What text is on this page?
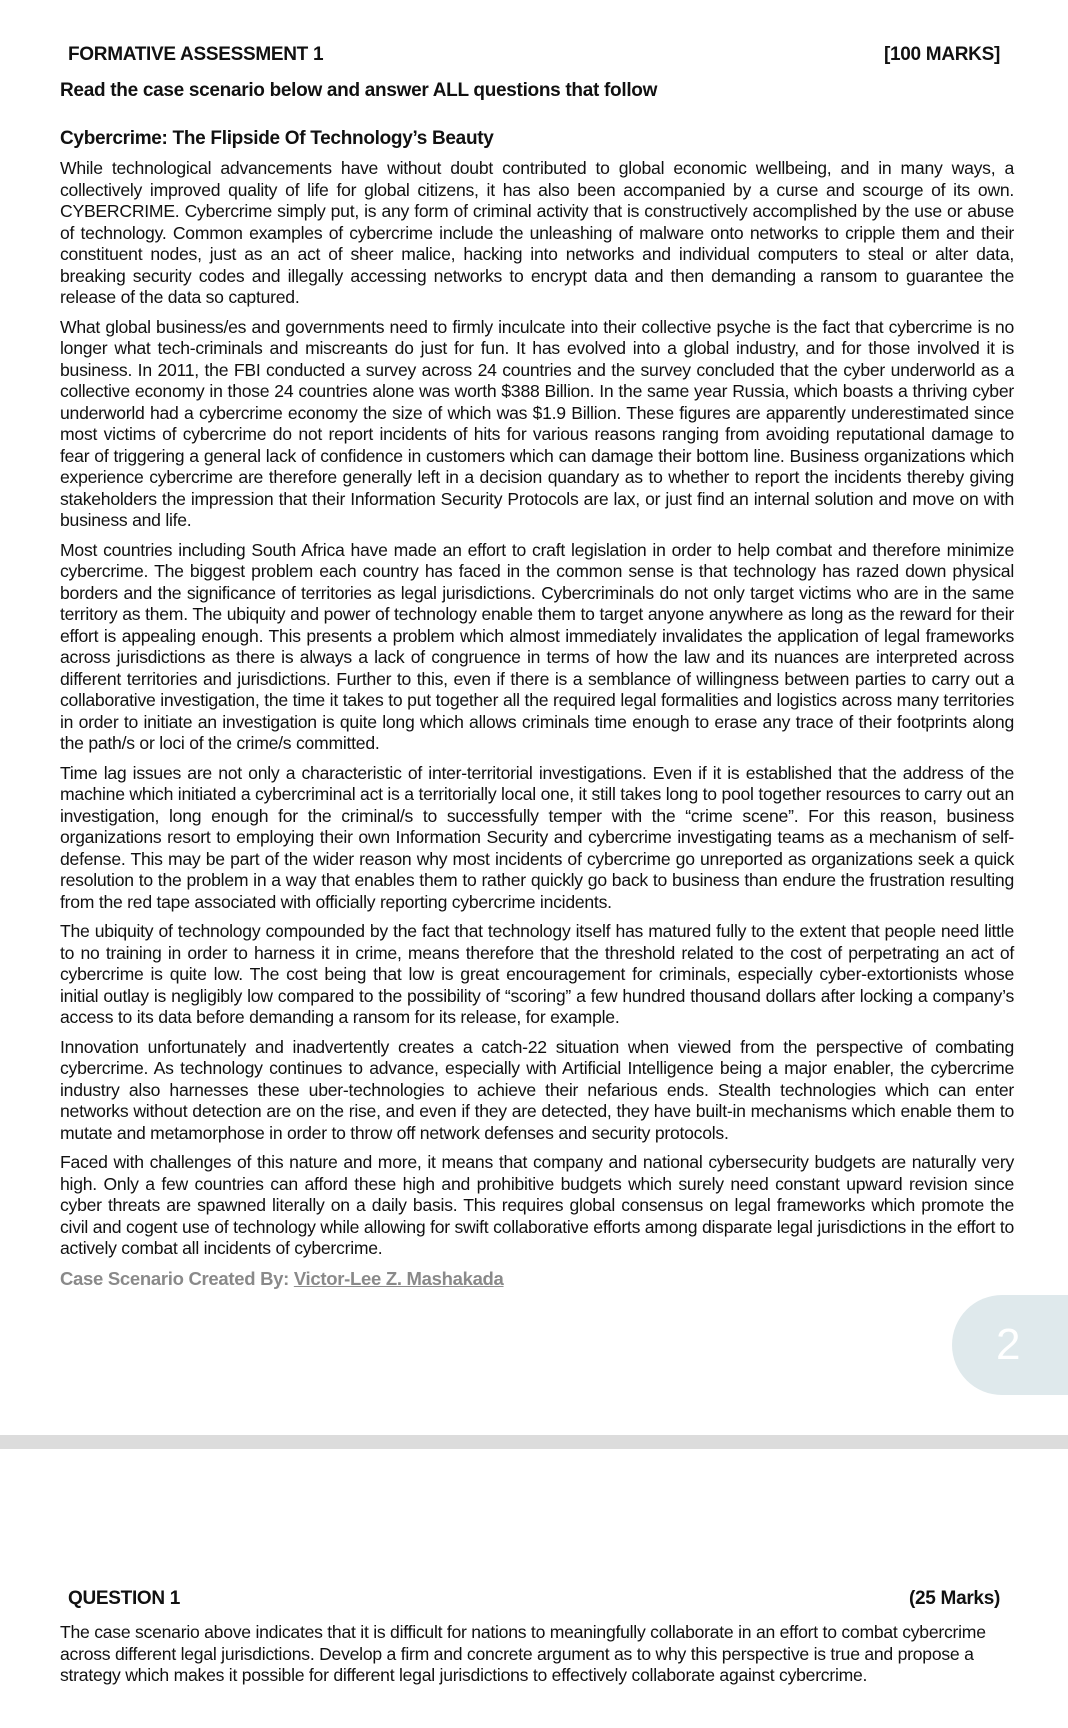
FORMATIVE ASSESSMENT 1	[100 MARKS]
Read the case scenario below and answer ALL questions that follow
Cybercrime: The Flipside Of Technology’s Beauty

While technological advancements have without doubt contributed to global economic wellbeing, and in many ways, a collectively improved quality of life for global citizens, it has also been accompanied by a curse and scourge of its own. CYBERCRIME. Cybercrime simply put, is any form of criminal activity that is constructively accomplished by the use or abuse of technology. Common examples of cybercrime include the unleashing of malware onto networks to cripple them and their constituent nodes, just as an act of sheer malice, hacking into networks and individual computers to steal or alter data, breaking security codes and illegally accessing networks to encrypt data and then demanding a ransom to guarantee the release of the data so captured.

What global business/es and governments need to firmly inculcate into their collective psyche is the fact that cybercrime is no longer what tech-criminals and miscreants do just for fun. It has evolved into a global industry, and for those involved it is business. In 2011, the FBI conducted a survey across 24 countries and the survey concluded that the cyber underworld as a collective economy in those 24 countries alone was worth $388 Billion. In the same year Russia, which boasts a thriving cyber underworld had a cybercrime economy the size of which was $1.9 Billion. These figures are apparently underestimated since most victims of cybercrime do not report incidents of hits for various reasons ranging from avoiding reputational damage to fear of triggering a general lack of confidence in customers which can damage their bottom line. Business organizations which experience cybercrime are therefore generally left in a decision quandary as to whether to report the incidents thereby giving stakeholders the impression that their Information Security Protocols are lax, or just find an internal solution and move on with business and life.

Most countries including South Africa have made an effort to craft legislation in order to help combat and therefore minimize cybercrime. The biggest problem each country has faced in the common sense is that technology has razed down physical borders and the significance of territories as legal jurisdictions. Cybercriminals do not only target victims who are in the same territory as them. The ubiquity and power of technology enable them to target anyone anywhere as long as the reward for their effort is appealing enough. This presents a problem which almost immediately invalidates the application of legal frameworks across jurisdictions as there is always a lack of congruence in terms of how the law and its nuances are interpreted across different territories and jurisdictions. Further to this, even if there is a semblance of willingness between parties to carry out a collaborative investigation, the time it takes to put together all the required legal formalities and logistics across many territories in order to initiate an investigation is quite long which allows criminals time enough to erase any trace of their footprints along the path/s or loci of the crime/s committed.

Time lag issues are not only a characteristic of inter-territorial investigations. Even if it is established that the address of the machine which initiated a cybercriminal act is a territorially local one, it still takes long to pool together resources to carry out an investigation, long enough for the criminal/s to successfully temper with the “crime scene”. For this reason, business organizations resort to employing their own Information Security and cybercrime investigating teams as a mechanism of self-defense. This may be part of the wider reason why most incidents of cybercrime go unreported as organizations seek a quick resolution to the problem in a way that enables them to rather quickly go back to business than endure the frustration resulting from the red tape associated with officially reporting cybercrime incidents.

The ubiquity of technology compounded by the fact that technology itself has matured fully to the extent that people need little to no training in order to harness it in crime, means therefore that the threshold related to the cost of perpetrating an act of cybercrime is quite low. The cost being that low is great encouragement for criminals, especially cyber-extortionists whose initial outlay is negligibly low compared to the possibility of “scoring” a few hundred thousand dollars after locking a company’s access to its data before demanding a ransom for its release, for example.

Innovation unfortunately and inadvertently creates a catch-22 situation when viewed from the perspective of combating cybercrime. As technology continues to advance, especially with Artificial Intelligence being a major enabler, the cybercrime industry also harnesses these uber-technologies to achieve their nefarious ends. Stealth technologies which can enter networks without detection are on the rise, and even if they are detected, they have built-in mechanisms which enable them to mutate and metamorphose in order to throw off network defenses and security protocols.

Faced with challenges of this nature and more, it means that company and national cybersecurity budgets are naturally very high. Only a few countries can afford these high and prohibitive budgets which surely need constant upward revision since cyber threats are spawned literally on a daily basis. This requires global consensus on legal frameworks which promote the civil and cogent use of technology while allowing for swift collaborative efforts among disparate legal jurisdictions in the effort to actively combat all incidents of cybercrime.

Case Scenario Created By: Victor-Lee Z. Mashakada
2
QUESTION 1	(25 Marks)

The case scenario above indicates that it is difficult for nations to meaningfully collaborate in an effort to combat cybercrime across different legal jurisdictions. Develop a firm and concrete argument as to why this perspective is true and propose a strategy which makes it possible for different legal jurisdictions to effectively collaborate against cybercrime.
